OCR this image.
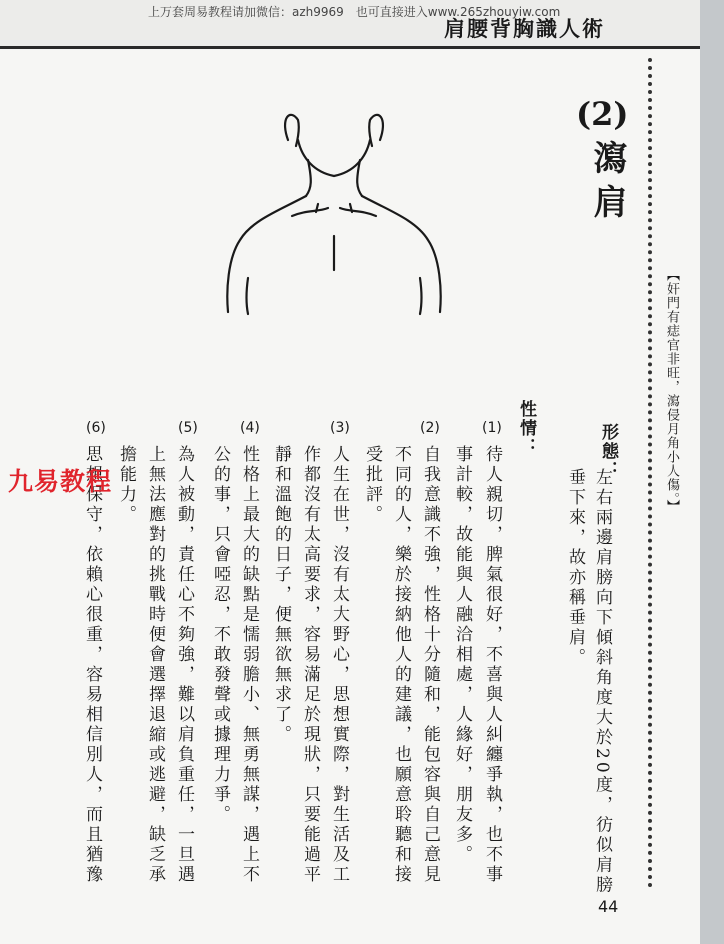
上万套周易教程请加微信：azh9969　也可直接进入www.265zhouyiw.com
肩腰背胸識人術
(2)
瀉肩
【奸門有痣官非旺，瀉侵月角小人傷。】
形態：
左右兩邊肩膀向下傾斜角度大於20度，彷似肩膀
垂下來，故亦稱垂肩。
性情：
(1)
待人親切，脾氣很好，不喜與人糾纏爭執，也不事
事計較，故能與人融洽相處，人緣好，朋友多。
(2)
自我意識不強，性格十分隨和，能包容與自己意見
不同的人，樂於接納他人的建議，也願意聆聽和接
受批評。
(3)
人生在世，沒有太大野心，思想實際，對生活及工
作都沒有太高要求，容易滿足於現狀，只要能過平
靜和溫飽的日子，便無欲無求了。
(4)
性格上最大的缺點是懦弱膽小、無勇無謀，遇上不
公的事，只會啞忍，不敢發聲或據理力爭。
(5)
為人被動，責任心不夠強，難以肩負重任，一旦遇
上無法應對的挑戰時便會選擇退縮或逃避，缺乏承
擔能力。
(6)
思想保守，依賴心很重，容易相信別人，而且猶豫
九易教程
44
